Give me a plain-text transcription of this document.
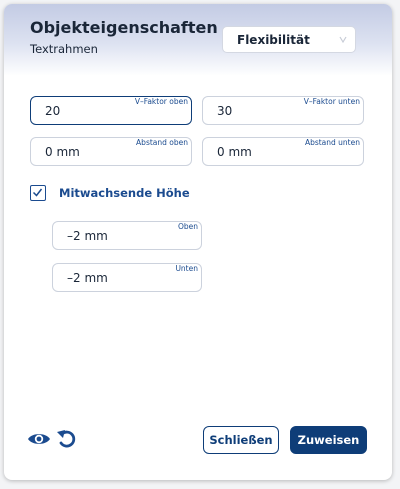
Objekteigenschaften
Textrahmen
Flexibilität
20
V–Faktor oben
30
V–Faktor unten
0 mm
Abstand oben
0 mm
Abstand unten
Mitwachsende Höhe
–2 mm
Oben
–2 mm
Unten
Schließen	Zuweisen
